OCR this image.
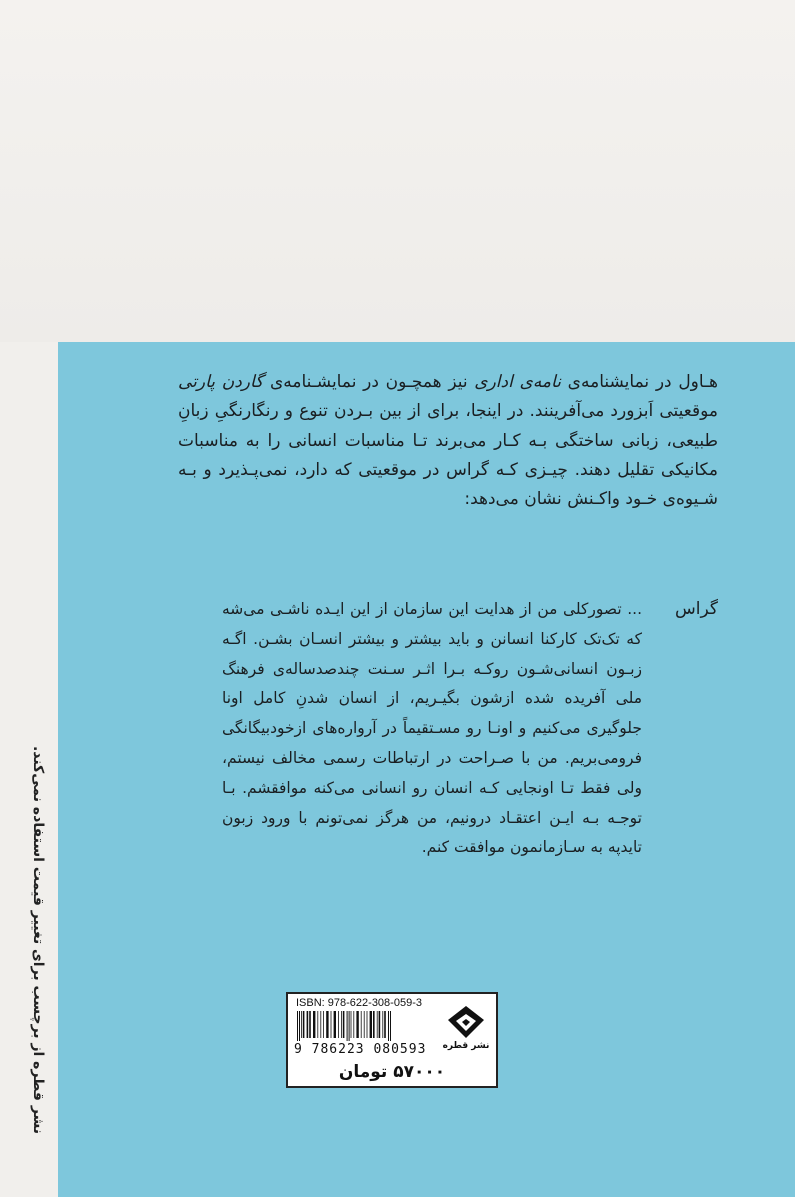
هـاول در نمایشنامه‌ی نامه‌ی اداری نیز همچـون در نمایشـنامه‌ی گاردن پارتی موقعیتی اَبزورد می‌آفرینند. در اینجا، برای از بین بـردن تنوع و رنگارنگیِ زبانِ طبیعی، زبانی ساختگی بـه کـار می‌برند تـا مناسبات انسانی را به مناسبات مکانیکی تقلیل دهند. چیـزی کـه گراس در موقعیتی که دارد، نمی‌پـذیرد و بـه شـیوه‌ی خـود واکـنش نشان می‌دهد:

گراس

... تصورکلی من از هدایت این سازمان از این ایـده ناشـی می‌شه که تک‌تک کارکنا انسانن و باید بیشتر و بیشتر انسـان بشـن. اگـه زبـون انسانی‌شـون روکـه بـرا اثـر سـنت چندصدساله‌ی فرهنگ ملی آفریده شده ازشون بگیـریم، از انسان شدنِ کامل اونا جلوگیری می‌کنیم و اونـا رو مسـتقیماً در آرواره‌های ازخودبیگانگی فرومی‌بریم. من با صـراحت در ارتباطات رسمی مخالف نیستم، ولی فقط تـا اونجایی کـه انسان رو انسانی می‌کنه موافقشم. بـا توجـه بـه ایـن اعتقـاد درونیم، من هرگز نمی‌تونم با ورود زبون تایدپه به سـازمانمون موافقت کنم.

ISBN: 978-622-308-059-3
9 786223 080593 نشر قطره
۵۷۰۰۰ تومان
نشر قطره از برچسب برای تغییر قیمت استفاده نمی‌کند.
